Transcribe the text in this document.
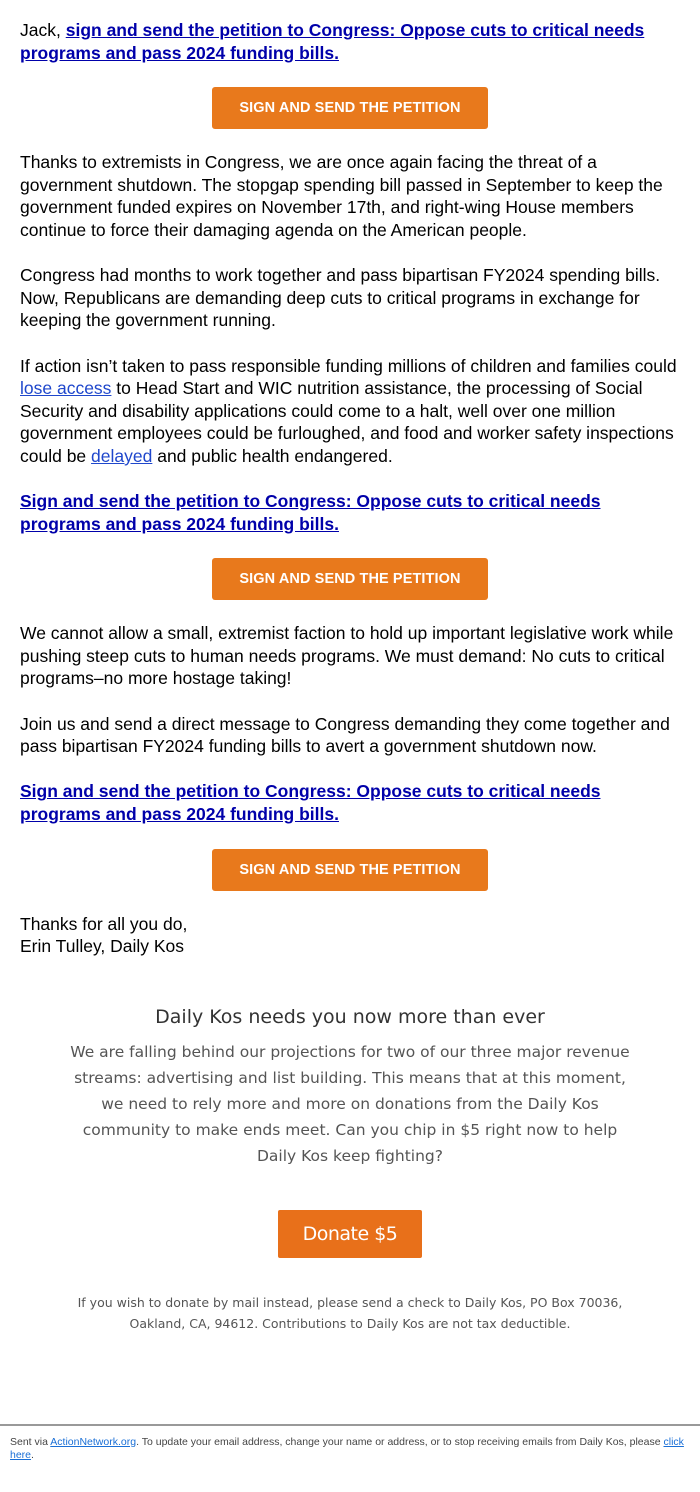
Jack, sign and send the petition to Congress: Oppose cuts to critical needs programs and pass 2024 funding bills.

SIGN AND SEND THE PETITION

Thanks to extremists in Congress, we are once again facing the threat of a government shutdown. The stopgap spending bill passed in September to keep the government funded expires on November 17th, and right-wing House members continue to force their damaging agenda on the American people.

Congress had months to work together and pass bipartisan FY2024 spending bills. Now, Republicans are demanding deep cuts to critical programs in exchange for keeping the government running.

If action isn’t taken to pass responsible funding millions of children and families could lose access to Head Start and WIC nutrition assistance, the processing of Social Security and disability applications could come to a halt, well over one million government employees could be furloughed, and food and worker safety inspections could be delayed and public health endangered.

Sign and send the petition to Congress: Oppose cuts to critical needs programs and pass 2024 funding bills.

SIGN AND SEND THE PETITION

We cannot allow a small, extremist faction to hold up important legislative work while pushing steep cuts to human needs programs. We must demand: No cuts to critical programs–no more hostage taking!

Join us and send a direct message to Congress demanding they come together and pass bipartisan FY2024 funding bills to avert a government shutdown now.

Sign and send the petition to Congress: Oppose cuts to critical needs programs and pass 2024 funding bills.

SIGN AND SEND THE PETITION

Thanks for all you do,
Erin Tulley, Daily Kos

Daily Kos needs you now more than ever

We are falling behind our projections for two of our three major revenue streams: advertising and list building. This means that at this moment, we need to rely more and more on donations from the Daily Kos community to make ends meet. Can you chip in $5 right now to help Daily Kos keep fighting?

Donate $5
If you wish to donate by mail instead, please send a check to Daily Kos, PO Box 70036, Oakland, CA, 94612. Contributions to Daily Kos are not tax deductible.
Sent via ActionNetwork.org. To update your email address, change your name or address, or to stop receiving emails from Daily Kos, please click here.
